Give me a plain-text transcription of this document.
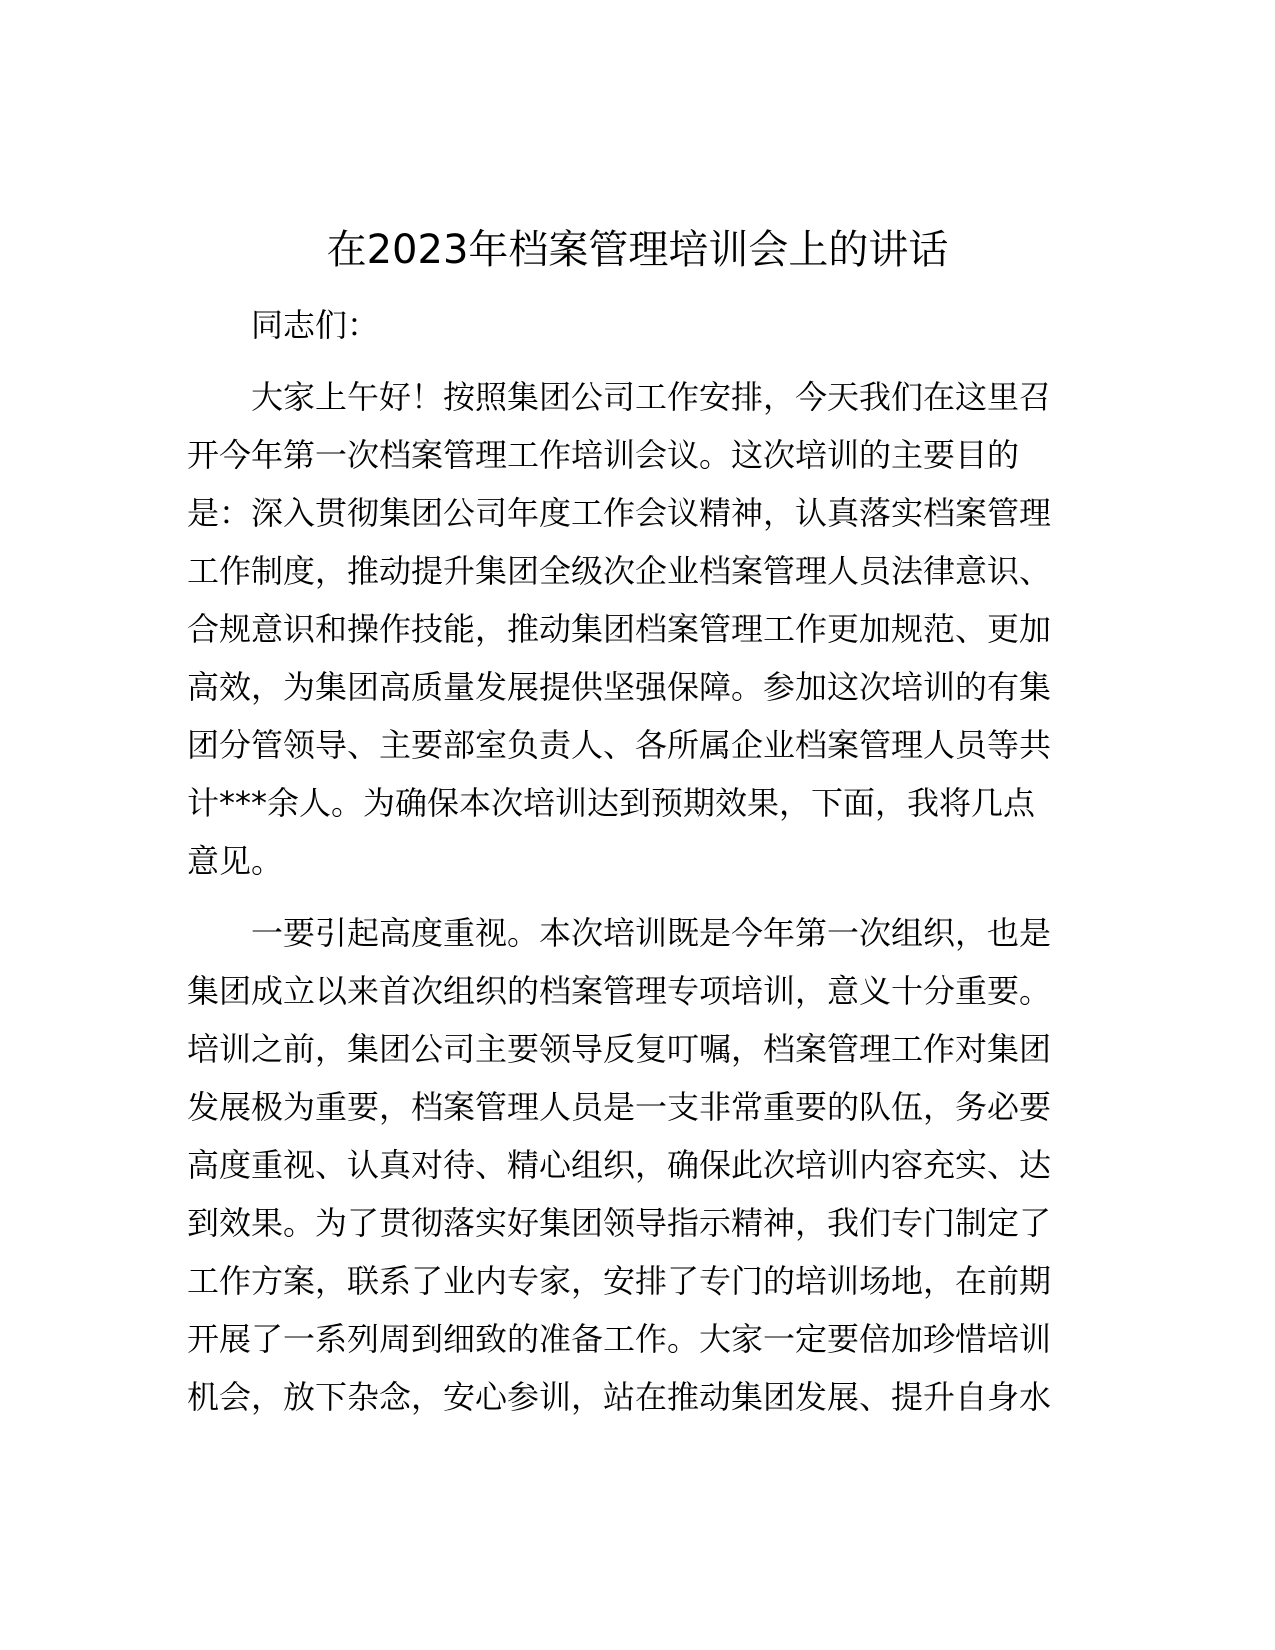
在2023年档案管理培训会上的讲话

同志们：

大家上午好！按照集团公司工作安排，今天我们在这里召
开今年第一次档案管理工作培训会议。这次培训的主要目的
是：深入贯彻集团公司年度工作会议精神，认真落实档案管理
工作制度，推动提升集团全级次企业档案管理人员法律意识、
合规意识和操作技能，推动集团档案管理工作更加规范、更加
高效，为集团高质量发展提供坚强保障。参加这次培训的有集
团分管领导、主要部室负责人、各所属企业档案管理人员等共
计***余人。为确保本次培训达到预期效果，下面，我将几点
意见。
一要引起高度重视。本次培训既是今年第一次组织，也是
集团成立以来首次组织的档案管理专项培训，意义十分重要。
培训之前，集团公司主要领导反复叮嘱，档案管理工作对集团
发展极为重要，档案管理人员是一支非常重要的队伍，务必要
高度重视、认真对待、精心组织，确保此次培训内容充实、达
到效果。为了贯彻落实好集团领导指示精神，我们专门制定了
工作方案，联系了业内专家，安排了专门的培训场地，在前期
开展了一系列周到细致的准备工作。大家一定要倍加珍惜培训
机会，放下杂念，安心参训，站在推动集团发展、提升自身水
